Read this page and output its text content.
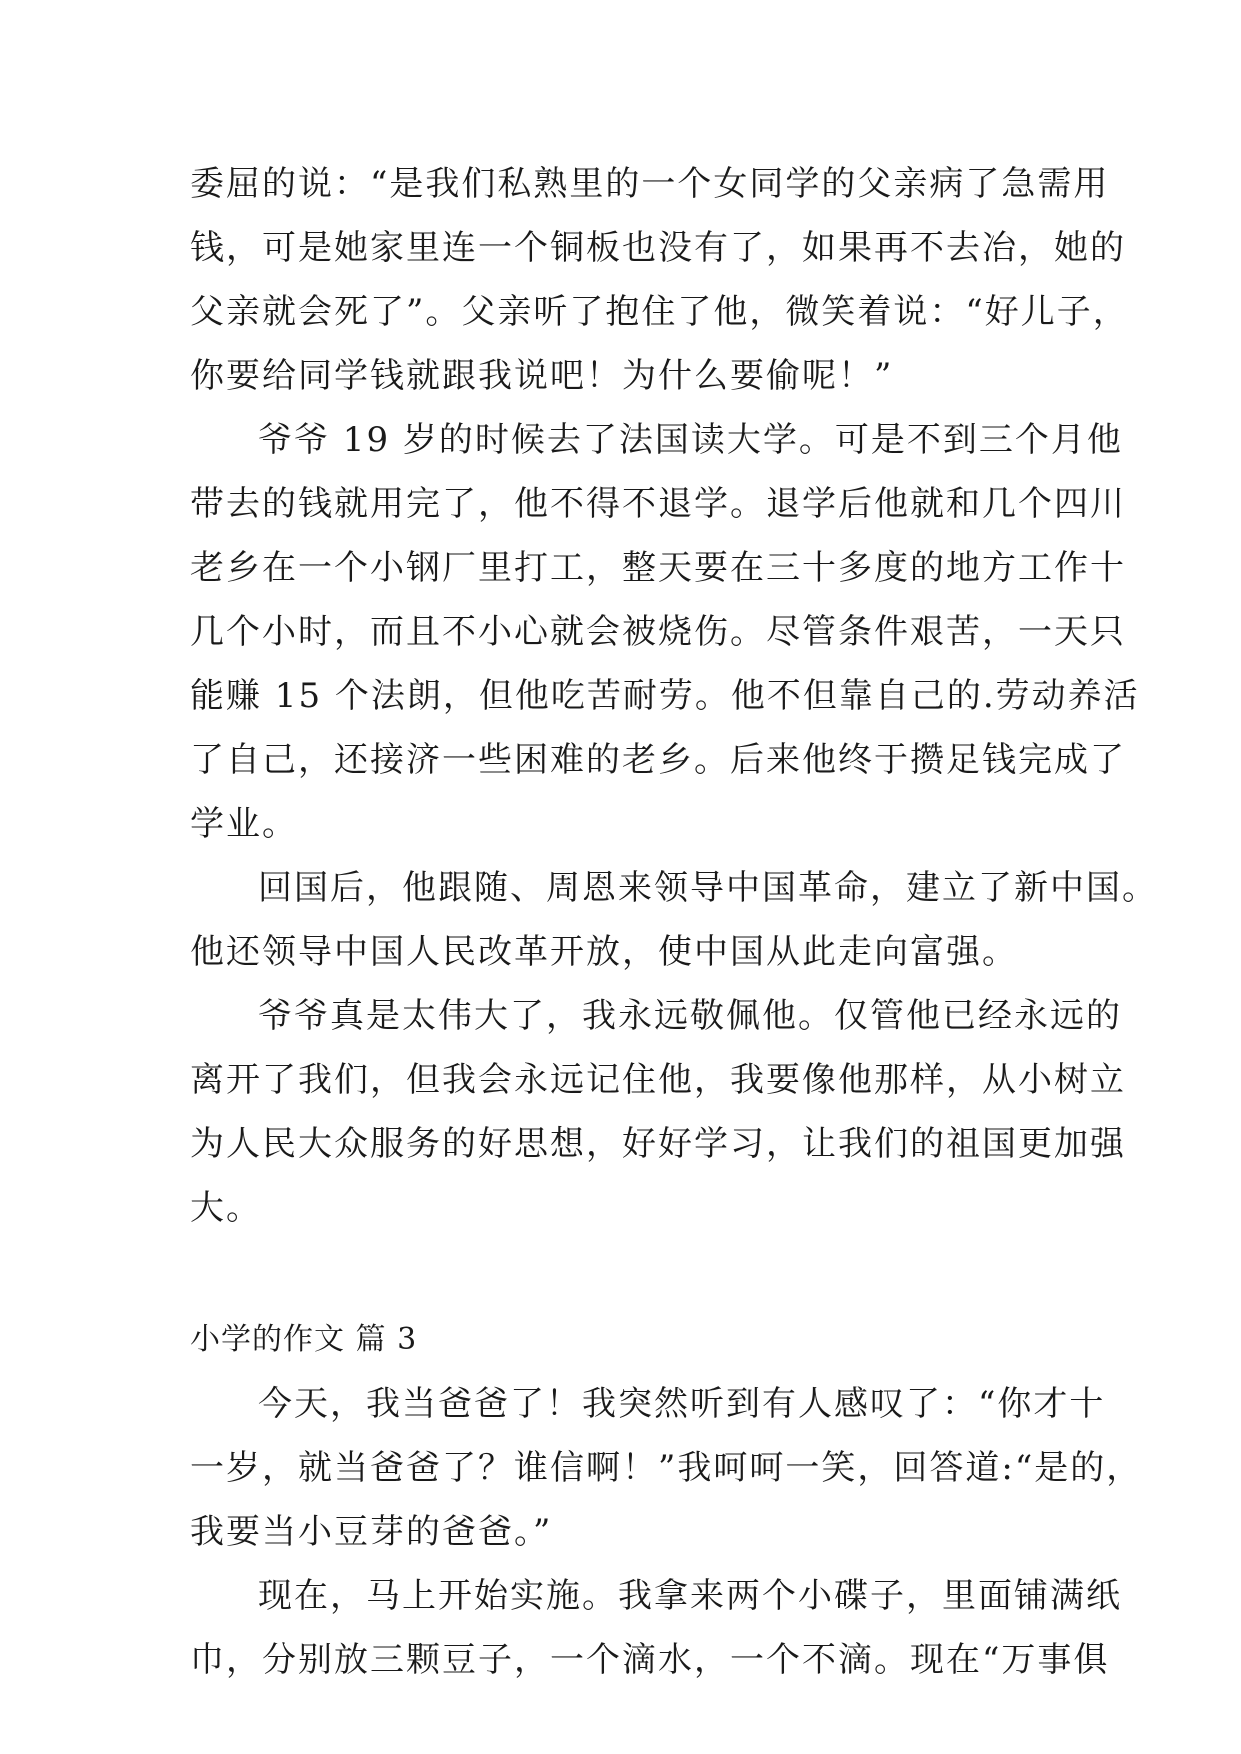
委屈的说：“是我们私熟里的一个女同学的父亲病了急需用
钱，可是她家里连一个铜板也没有了，如果再不去冶，她的
父亲就会死了”。父亲听了抱住了他，微笑着说：“好儿子，
你要给同学钱就跟我说吧！为什么要偷呢！”
爷爷 19 岁的时候去了法国读大学。可是不到三个月他
带去的钱就用完了，他不得不退学。退学后他就和几个四川
老乡在一个小钢厂里打工，整天要在三十多度的地方工作十
几个小时，而且不小心就会被烧伤。尽管条件艰苦，一天只
能赚 15 个法朗，但他吃苦耐劳。他不但靠自己的.劳动养活
了自己，还接济一些困难的老乡。后来他终于攒足钱完成了
学业。
回国后，他跟随、周恩来领导中国革命，建立了新中国。
他还领导中国人民改革开放，使中国从此走向富强。
爷爷真是太伟大了，我永远敬佩他。仅管他已经永远的
离开了我们，但我会永远记住他，我要像他那样，从小树立
为人民大众服务的好思想，好好学习，让我们的祖国更加强
大。
小学的作文 篇 3
今天，我当爸爸了！我突然听到有人感叹了：“你才十
一岁，就当爸爸了？谁信啊！”我呵呵一笑，回答道:“是的，
我要当小豆芽的爸爸。”
现在，马上开始实施。我拿来两个小碟子，里面铺满纸
巾，分别放三颗豆子，一个滴水，一个不滴。现在“万事俱
